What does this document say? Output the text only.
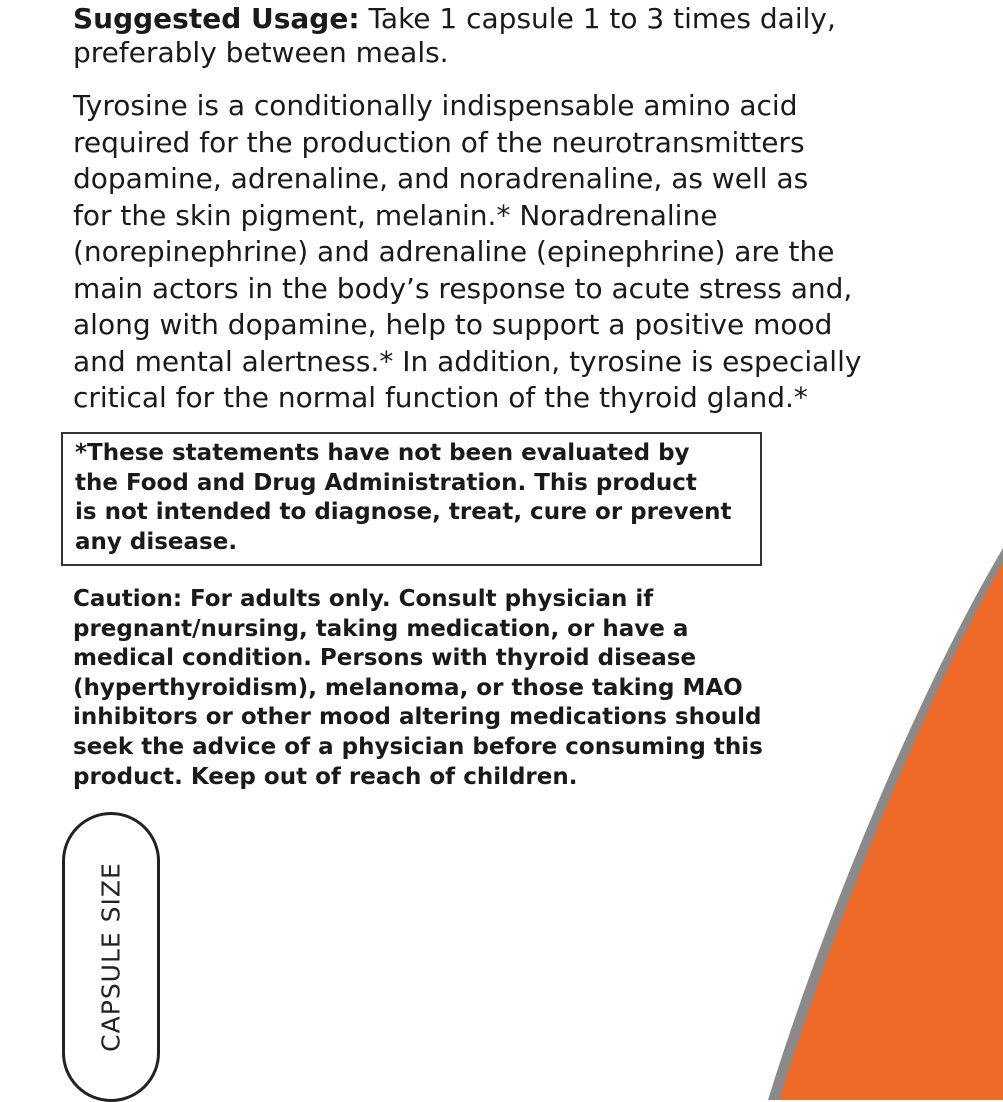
Suggested Usage: Take 1 capsule 1 to 3 times daily, preferably between meals.

Tyrosine is a conditionally indispensable amino acid
required for the production of the neurotransmitters
dopamine, adrenaline, and noradrenaline, as well as
for the skin pigment, melanin.* Noradrenaline
(norepinephrine) and adrenaline (epinephrine) are the
main actors in the body’s response to acute stress and,
along with dopamine, help to support a positive mood
and mental alertness.* In addition, tyrosine is especially
critical for the normal function of the thyroid gland.*

*These statements have not been evaluated by
the Food and Drug Administration. This product
is not intended to diagnose, treat, cure or prevent
any disease.

Caution: For adults only. Consult physician if
pregnant/nursing, taking medication, or have a
medical condition. Persons with thyroid disease
(hyperthyroidism), melanoma, or those taking MAO
inhibitors or other mood altering medications should
seek the advice of a physician before consuming this
product. Keep out of reach of children.

CAPSULE SIZE
